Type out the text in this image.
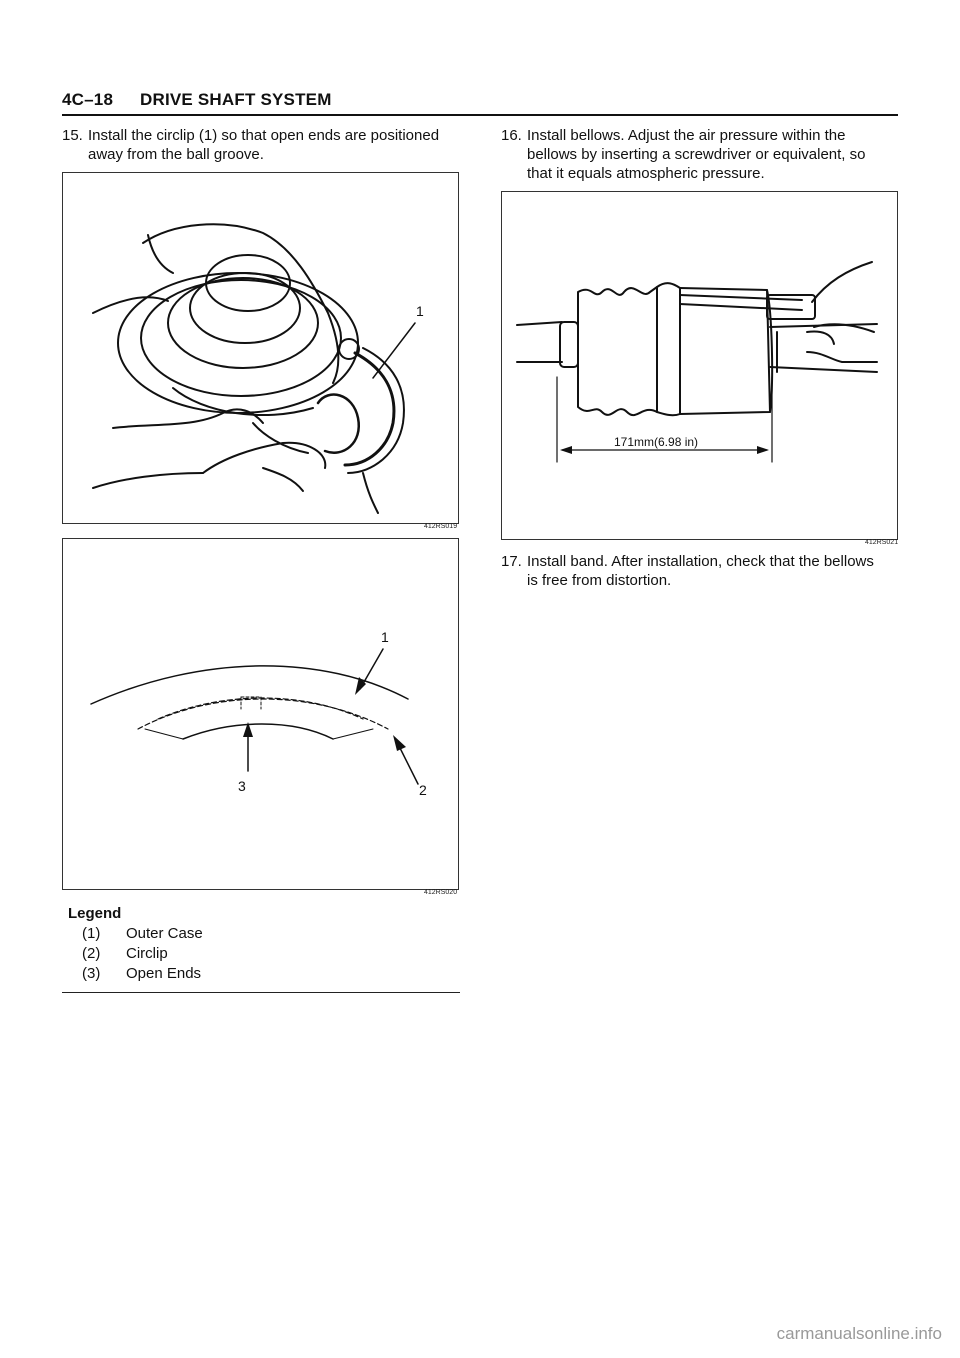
4C–18 DRIVE SHAFT SYSTEM
15. Install the circlip (1) so that open ends are positioned
away from the ball groove.
1
412RS019
1
2
3
412RS020
Legend
(1)	Outer Case
(2)	Circlip
(3)	Open Ends
16. Install bellows. Adjust the air pressure within the
bellows by inserting a screwdriver or equivalent, so
that it equals atmospheric pressure.
171mm(6.98 in)
412RS021
17. Install band. After installation, check that the bellows
is free from distortion.
carmanualsonline.info
